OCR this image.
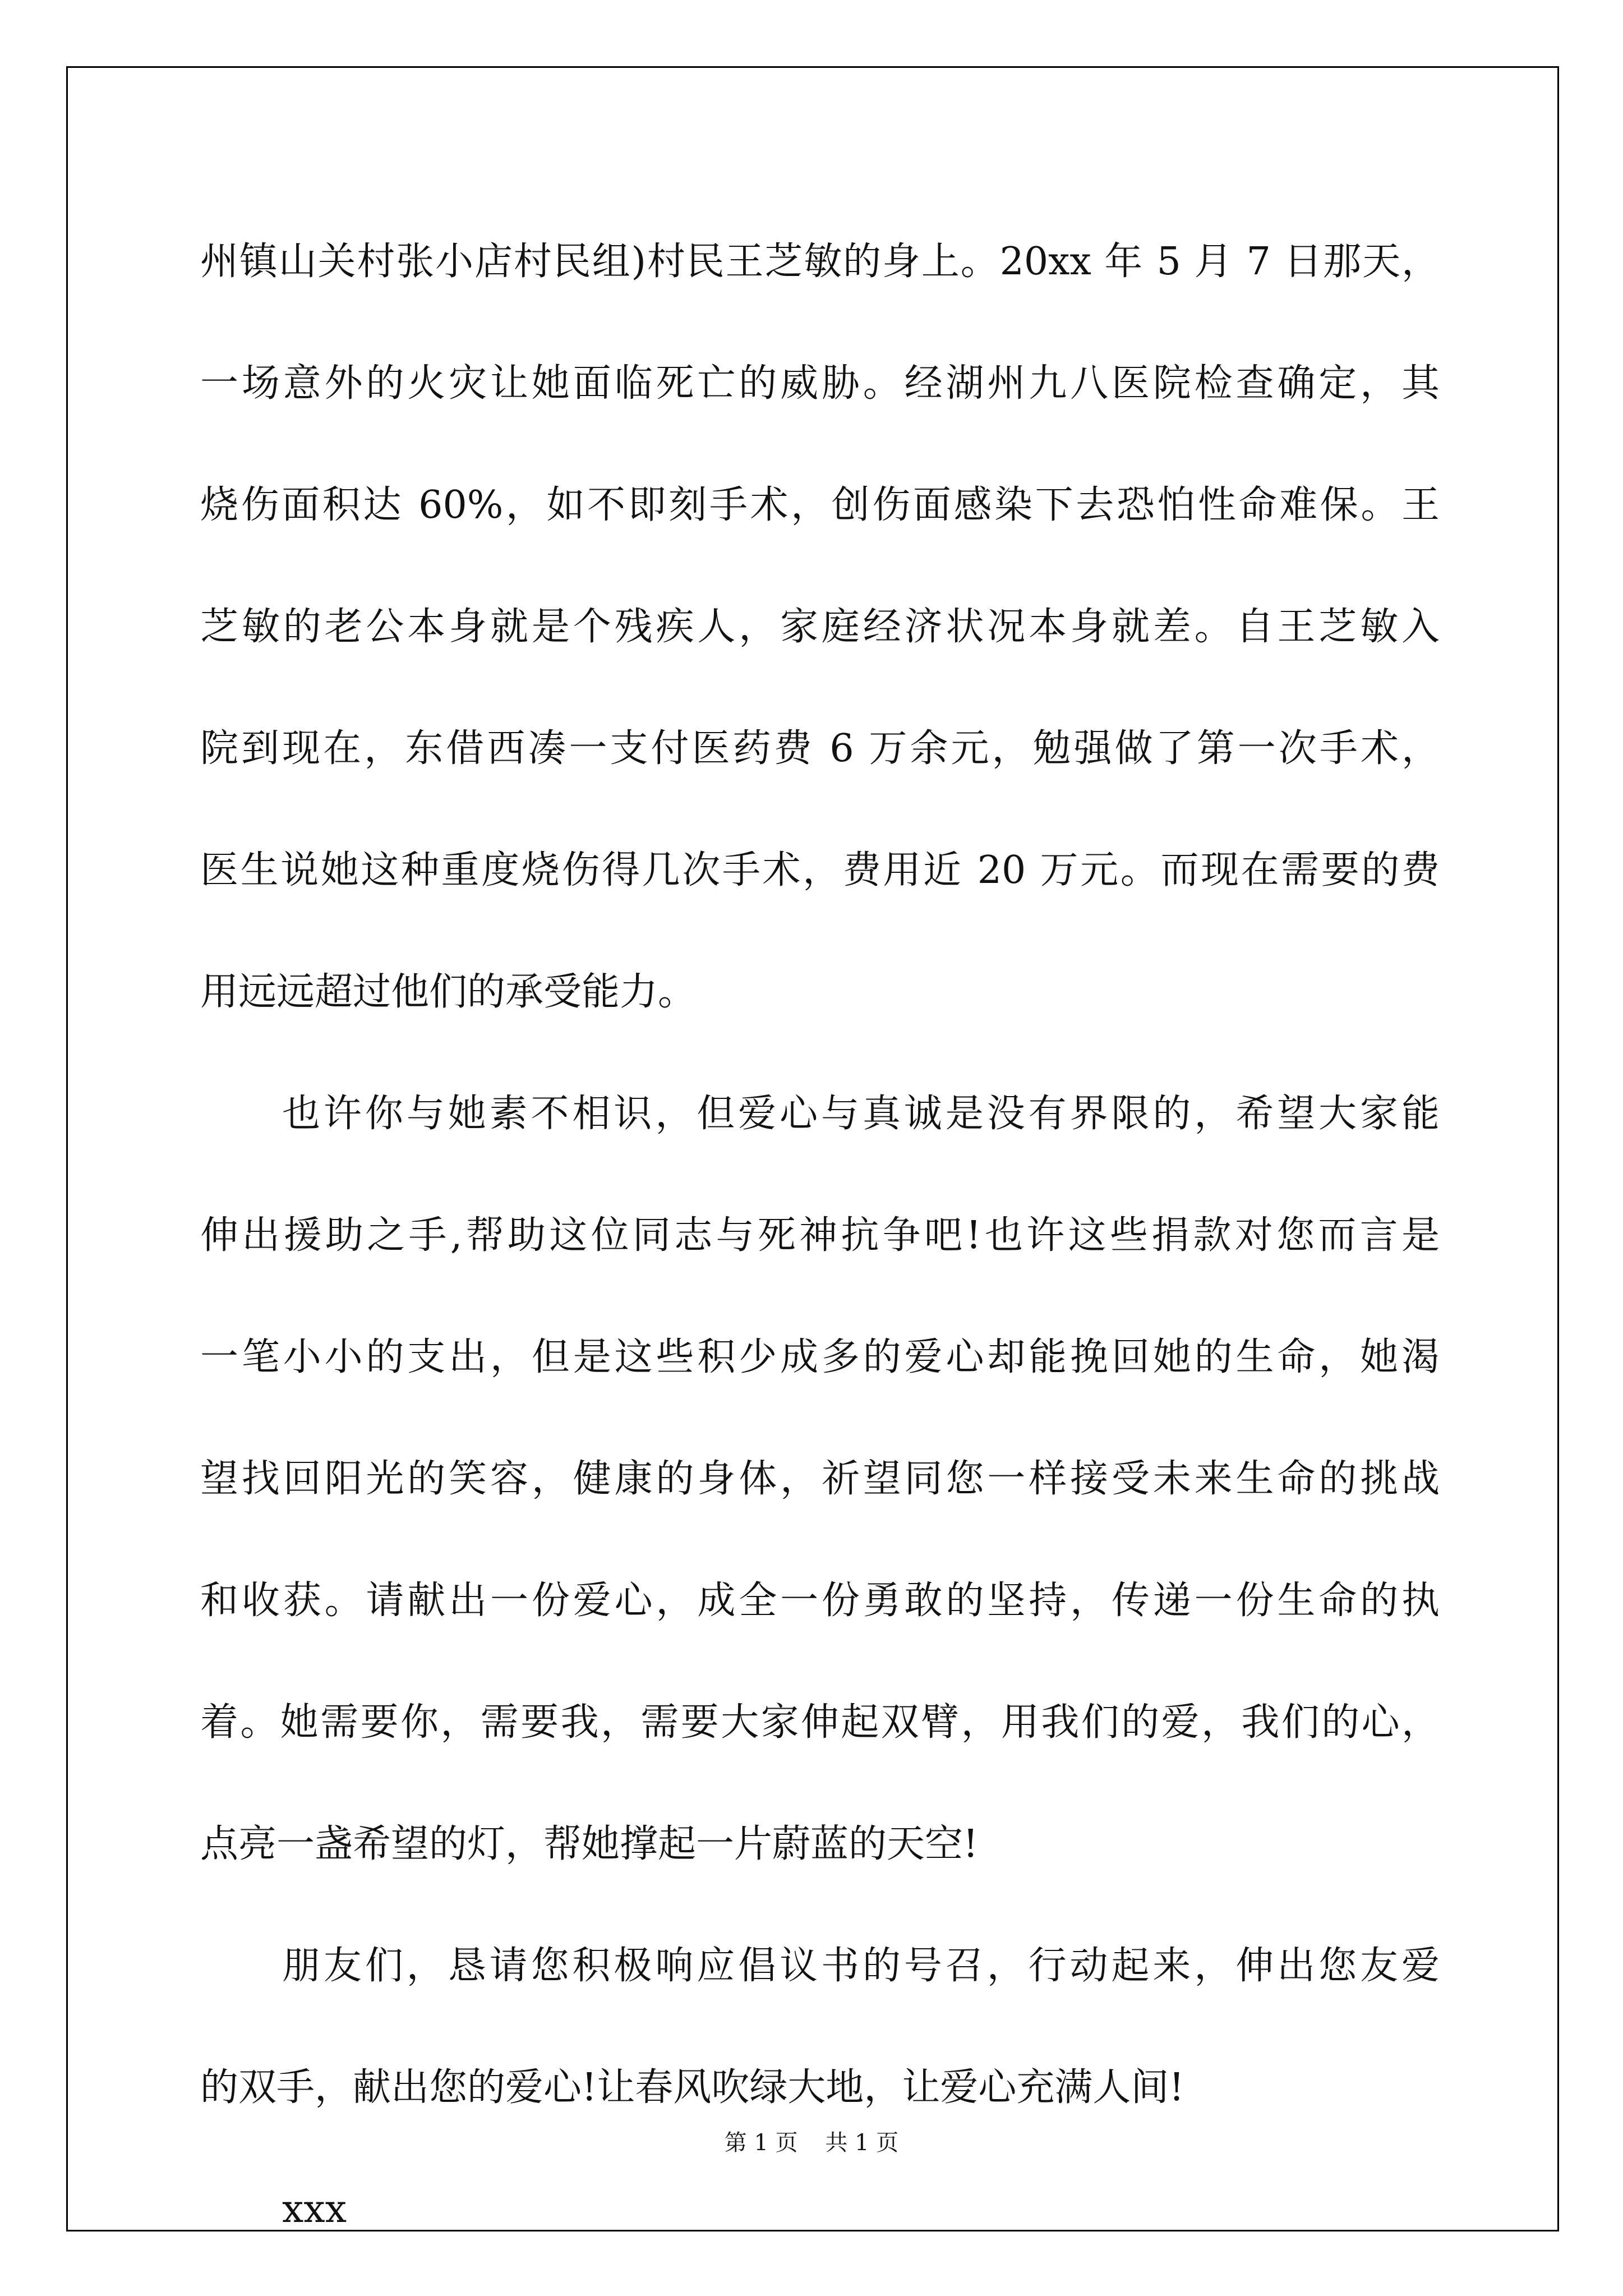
州镇山关村张小店村民组)村民王芝敏的身上。20xx 年 5 月 7 日那天，
一场意外的火灾让她面临死亡的威胁。经湖州九八医院检查确定，其
烧伤面积达 60%，如不即刻手术，创伤面感染下去恐怕性命难保。王
芝敏的老公本身就是个残疾人，家庭经济状况本身就差。自王芝敏入
院到现在，东借西凑一支付医药费 6 万余元，勉强做了第一次手术，
医生说她这种重度烧伤得几次手术，费用近 20 万元。而现在需要的费
用远远超过他们的承受能力。
也许你与她素不相识，但爱心与真诚是没有界限的，希望大家能
伸出援助之手,帮助这位同志与死神抗争吧!也许这些捐款对您而言是
一笔小小的支出，但是这些积少成多的爱心却能挽回她的生命，她渴
望找回阳光的笑容，健康的身体，祈望同您一样接受未来生命的挑战
和收获。请献出一份爱心，成全一份勇敢的坚持，传递一份生命的执
着。她需要你，需要我，需要大家伸起双臂，用我们的爱，我们的心，
点亮一盏希望的灯，帮她撑起一片蔚蓝的天空!
朋友们，恳请您积极响应倡议书的号召，行动起来，伸出您友爱
的双手，献出您的爱心!让春风吹绿大地，让爱心充满人间!
xxx
第 1 页 共 1 页
